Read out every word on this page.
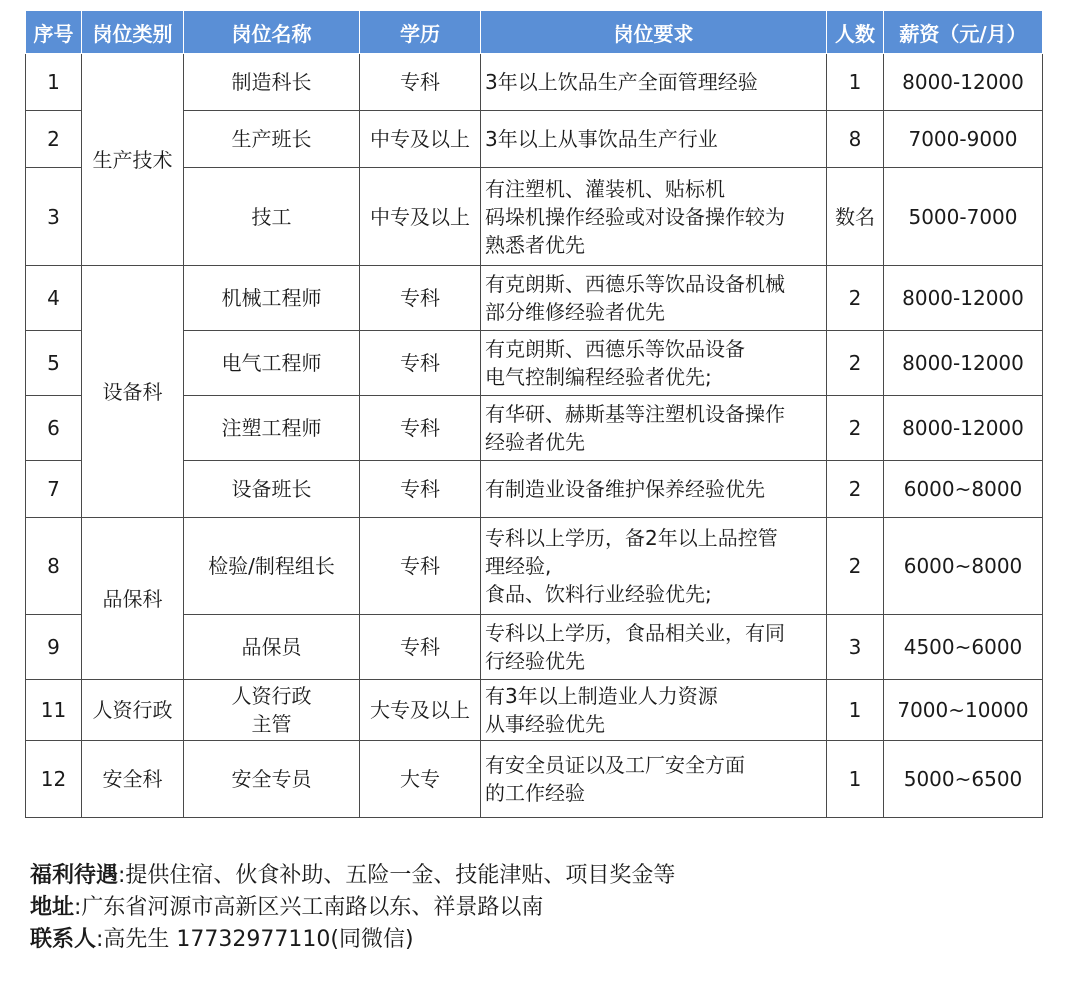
序号	岗位类别	岗位名称	学历	岗位要求	人数	薪资（元/月）
1	生产技术	制造科长	专科	3年以上饮品生产全面管理经验	1	8000-12000
2		生产班长	中专及以上	3年以上从事饮品生产行业	8	7000-9000
3		技工	中专及以上	有注塑机、灌装机、贴标机
码垛机操作经验或对设备操作较为
熟悉者优先	数名	5000-7000
4	设备科	机械工程师	专科	有克朗斯、西德乐等饮品设备机械
部分维修经验者优先	2	8000-12000
5		电气工程师	专科	有克朗斯、西德乐等饮品设备
电气控制编程经验者优先;	2	8000-12000
6		注塑工程师	专科	有华研、赫斯基等注塑机设备操作
经验者优先	2	8000-12000
7		设备班长	专科	有制造业设备维护保养经验优先	2	6000~8000
8	品保科	检验/制程组长	专科	专科以上学历，备2年以上品控管
理经验,
食品、饮料行业经验优先;	2	6000~8000
9		品保员	专科	专科以上学历，食品相关业，有同
行经验优先	3	4500~6000
11	人资行政	人资行政
主管	大专及以上	有3年以上制造业人力资源
从事经验优先	1	7000~10000
12	安全科	安全专员	大专	有安全员证以及工厂安全方面
的工作经验	1	5000~6500
福利待遇:提供住宿、伙食补助、五险一金、技能津贴、项目奖金等
地址:广东省河源市高新区兴工南路以东、祥景路以南
联系人:高先生 17732977110(同微信)
